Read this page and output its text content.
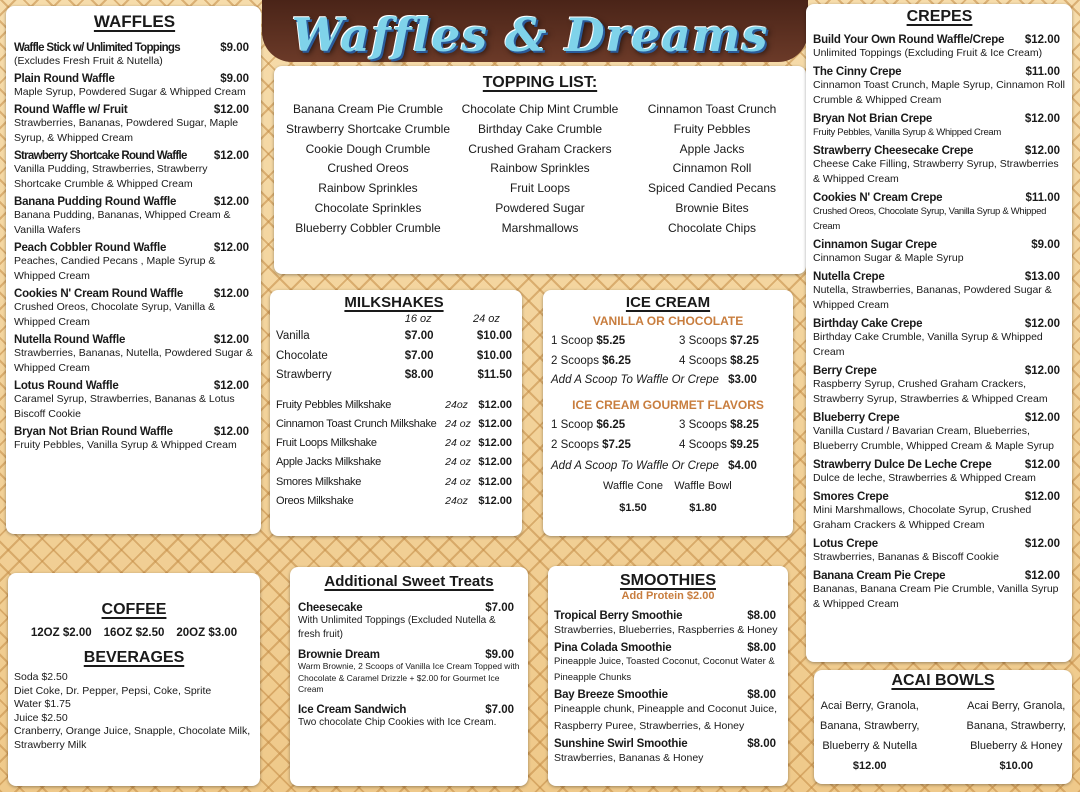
Waffles & Dreams
WAFFLES
Waffle Stick w/ Unlimited Toppings	$9.00
(Excludes Fresh Fruit & Nutella)
Plain Round Waffle	$9.00
Maple Syrup, Powdered Sugar & Whipped Cream
Round Waffle w/ Fruit	$12.00
Strawberries, Bananas, Powdered Sugar, Maple Syrup, & Whipped Cream
Strawberry Shortcake Round Waffle $12.00
Vanilla Pudding, Strawberries, Strawberry Shortcake Crumble & Whipped Cream
Banana Pudding Round Waffle	$12.00
Banana Pudding, Bananas, Whipped Cream & Vanilla Wafers
Peach Cobbler Round Waffle	$12.00
Peaches, Candied Pecans , Maple Syrup & Whipped Cream
Cookies N' Cream Round Waffle	$12.00
Crushed Oreos, Chocolate Syrup, Vanilla & Whipped Cream
Nutella Round Waffle	$12.00
Strawberries, Bananas, Nutella, Powdered Sugar & Whipped Cream
Lotus Round Waffle	$12.00
Caramel Syrup, Strawberries, Bananas & Lotus Biscoff Cookie
Bryan Not Brian Round Waffle	$12.00
Fruity Pebbles, Vanilla Syrup & Whipped Cream
TOPPING LIST:
Banana Cream Pie Crumble
Strawberry Shortcake Crumble
Cookie Dough Crumble
Crushed Oreos
Rainbow Sprinkles
Chocolate Sprinkles
Blueberry Cobbler Crumble
Chocolate Chip Mint Crumble
Birthday Cake Crumble
Crushed Graham Crackers
Rainbow Sprinkles
Fruit Loops
Powdered Sugar
Marshmallows
Cinnamon Toast Crunch
Fruity Pebbles
Apple Jacks
Cinnamon Roll
Spiced Candied Pecans
Brownie Bites
Chocolate Chips
MILKSHAKES
16 oz	24 oz
Vanilla	$7.00	$10.00
Chocolate	$7.00	$10.00
Strawberry	$8.00	$11.50
Fruity Pebbles Milkshake	24oz $12.00
Cinnamon Toast Crunch Milkshake 24 oz $12.00
Fruit Loops Milkshake	24 oz $12.00
Apple Jacks Milkshake	24 oz $12.00
Smores Milkshake	24 oz $12.00
Oreos Milkshake	24oz $12.00
ICE CREAM
VANILLA OR CHOCOLATE
1 Scoop $5.25	3 Scoops $7.25
2 Scoops $6.25	4 Scoops $8.25
Add A Scoop To Waffle Or Crepe $3.00
ICE CREAM GOURMET FLAVORS
1 Scoop $6.25	3 Scoops $8.25
2 Scoops $7.25	4 Scoops $9.25
Add A Scoop To Waffle Or Crepe $4.00
Waffle Cone	Waffle Bowl
$1.50	$1.80
CREPES
Build Your Own Round Waffle/Crepe $12.00
Unlimited Toppings (Excluding Fruit & Ice Cream)
The Cinny Crepe	$11.00
Cinnamon Toast Crunch, Maple Syrup, Cinnamon Roll Crumble & Whipped Cream
Bryan Not Brian Crepe	$12.00
Fruity Pebbles, Vanilla Syrup & Whipped Cream
Strawberry Cheesecake Crepe	$12.00
Cheese Cake Filling, Strawberry Syrup, Strawberries & Whipped Cream
Cookies N' Cream Crepe	$11.00
Crushed Oreos, Chocolate Syrup, Vanilla Syrup & Whipped Cream
Cinnamon Sugar Crepe	$9.00
Cinnamon Sugar & Maple Syrup
Nutella Crepe	$13.00
Nutella, Strawberries, Bananas, Powdered Sugar & Whipped Cream
Birthday Cake Crepe	$12.00
Birthday Cake Crumble, Vanilla Syrup & Whipped Cream
Berry Crepe	$12.00
Raspberry Syrup, Crushed Graham Crackers, Strawberry Syrup, Strawberries & Whipped Cream
Blueberry Crepe	$12.00
Vanilla Custard / Bavarian Cream, Blueberries, Blueberry Crumble, Whipped Cream & Maple Syrup
Strawberry Dulce De Leche Crepe	$12.00
Dulce de leche, Strawberries & Whipped Cream
Smores Crepe	$12.00
Mini Marshmallows, Chocolate Syrup, Crushed Graham Crackers & Whipped Cream
Lotus Crepe	$12.00
Strawberries, Bananas & Biscoff Cookie
Banana Cream Pie Crepe	$12.00
Bananas, Banana Cream Pie Crumble, Vanilla Syrup & Whipped Cream
COFFEE
12OZ $2.00 16OZ $2.50 20OZ $3.00
BEVERAGES
Soda $2.50
Diet Coke, Dr. Pepper, Pepsi, Coke, Sprite
Water $1.75
Juice $2.50
Cranberry, Orange Juice, Snapple, Chocolate Milk, Strawberry Milk
Additional Sweet Treats
Cheesecake	$7.00
With Unlimited Toppings (Excluded Nutella & fresh fruit)
Brownie Dream	$9.00
Warm Brownie, 2 Scoops of Vanilla Ice Cream Topped with Chocolate & Caramel Drizzle + $2.00 for Gourmet Ice Cream
Ice Cream Sandwich	$7.00
Two chocolate Chip Cookies with Ice Cream.
SMOOTHIES
Add Protein $2.00
Tropical Berry Smoothie	$8.00
Strawberries, Blueberries, Raspberries & Honey
Pina Colada Smoothie	$8.00
Pineapple Juice, Toasted Coconut, Coconut Water & Pineapple Chunks
Bay Breeze Smoothie	$8.00
Pineapple chunk, Pineapple and Coconut Juice, Raspberry Puree, Strawberries, & Honey
Sunshine Swirl Smoothie	$8.00
Strawberries, Bananas & Honey
ACAI BOWLS
Acai Berry, Granola,
Banana, Strawberry,
Blueberry & Nutella
$12.00
Acai Berry, Granola,
Banana, Strawberry,
Blueberry & Honey
$10.00
